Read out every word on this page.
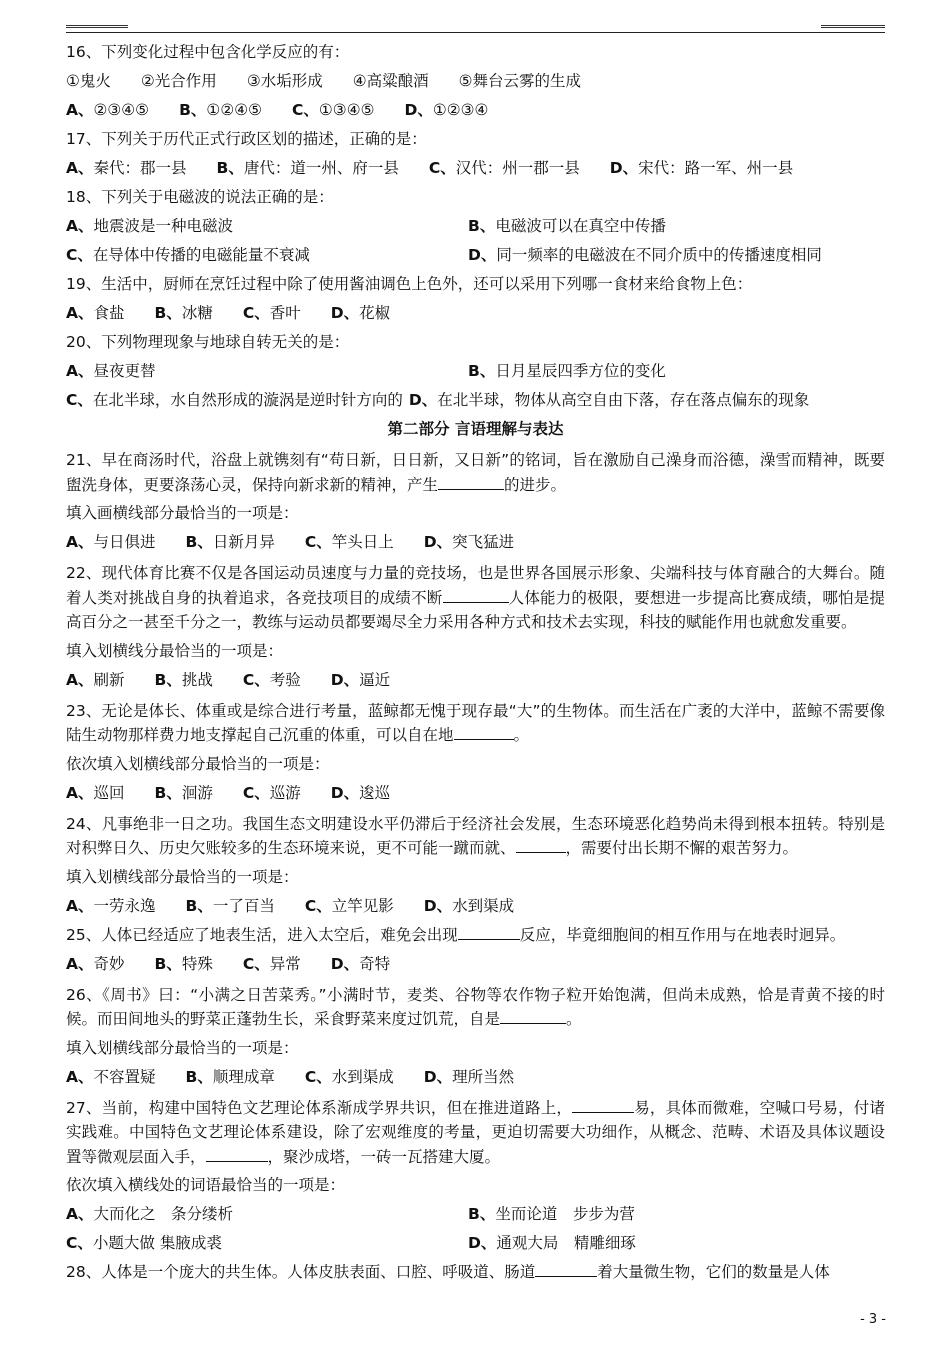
16、下列变化过程中包含化学反应的有：
①鬼火 ②光合作用 ③水垢形成 ④高粱酿酒 ⑤舞台云雾的生成
A、②③④⑤ B、①②④⑤ C、①③④⑤ D、①②③④
17、下列关于历代正式行政区划的描述，正确的是：
A、秦代：郡一县 B、唐代：道一州、府一县 C、汉代：州一郡一县 D、宋代：路一军、州一县
18、下列关于电磁波的说法正确的是：
A、地震波是一种电磁波	B、电磁波可以在真空中传播
C、在导体中传播的电磁能量不衰减	D、同一频率的电磁波在不同介质中的传播速度相同
19、生活中，厨师在烹饪过程中除了使用酱油调色上色外，还可以采用下列哪一食材来给食物上色：
A、食盐 B、冰糖 C、香叶 D、花椒
20、下列物理现象与地球自转无关的是：
A、昼夜更替	B、日月星辰四季方位的变化
C、在北半球，水自然形成的漩涡是逆时针方向的 D、在北半球，物体从高空自由下落，存在落点偏东的现象
第二部分 言语理解与表达
21、早在商汤时代，浴盘上就镌刻有“苟日新，日日新，又日新”的铭词，旨在激励自己澡身而浴德，澡雪而精神，既要盥洗身体，更要涤荡心灵，保持向新求新的精神，产生	的进步。
填入画横线部分最恰当的一项是：
A、与日俱进 B、日新月异 C、竿头日上 D、突飞猛进
22、现代体育比赛不仅是各国运动员速度与力量的竞技场，也是世界各国展示形象、尖端科技与体育融合的大舞台。随着人类对挑战自身的执着追求，各竞技项目的成绩不断	人体能力的极限，要想进一步提高比赛成绩，哪怕是提高百分之一甚至千分之一，教练与运动员都要竭尽全力采用各种方式和技术去实现，科技的赋能作用也就愈发重要。
填入划横线分最恰当的一项是：
A、刷新 B、挑战 C、考验 D、逼近
23、无论是体长、体重或是综合进行考量，蓝鲸都无愧于现存最“大”的生物体。而生活在广袤的大洋中，蓝鲸不需要像陆生动物那样费力地支撑起自己沉重的体重，可以自在地	。
依次填入划横线部分最恰当的一项是：
A、巡回 B、洄游 C、巡游 D、逡巡
24、凡事绝非一日之功。我国生态文明建设水平仍滞后于经济社会发展，生态环境恶化趋势尚未得到根本扭转。特别是对积弊日久、历史欠账较多的生态环境来说，更不可能一蹴而就、	，需要付出长期不懈的艰苦努力。
填入划横线部分最恰当的一项是：
A、一劳永逸 B、一了百当 C、立竿见影 D、水到渠成
25、人体已经适应了地表生活，进入太空后，难免会出现	反应，毕竟细胞间的相互作用与在地表时迥异。
A、奇妙 B、特殊 C、异常 D、奇特
26、《周书》曰：“小满之日苦菜秀。”小满时节，麦类、谷物等农作物子粒开始饱满，但尚未成熟，恰是青黄不接的时候。而田间地头的野菜正蓬勃生长，采食野菜来度过饥荒，自是	。
填入划横线部分最恰当的一项是：
A、不容置疑 B、顺理成章 C、水到渠成 D、理所当然
27、当前，构建中国特色文艺理论体系渐成学界共识，但在推进道路上，	易，具体而微难，空喊口号易，付诸实践难。中国特色文艺理论体系建设，除了宏观维度的考量，更迫切需要大功细作，从概念、范畴、术语及具体议题设置等微观层面入手，	，聚沙成塔，一砖一瓦搭建大厦。
依次填入横线处的词语最恰当的一项是：
A、大而化之　条分缕析	B、坐而论道　步步为营
C、小题大做 集腋成裘	D、通观大局　精雕细琢
28、人体是一个庞大的共生体。人体皮肤表面、口腔、呼吸道、肠道	着大量微生物，它们的数量是人体
- 3 -
